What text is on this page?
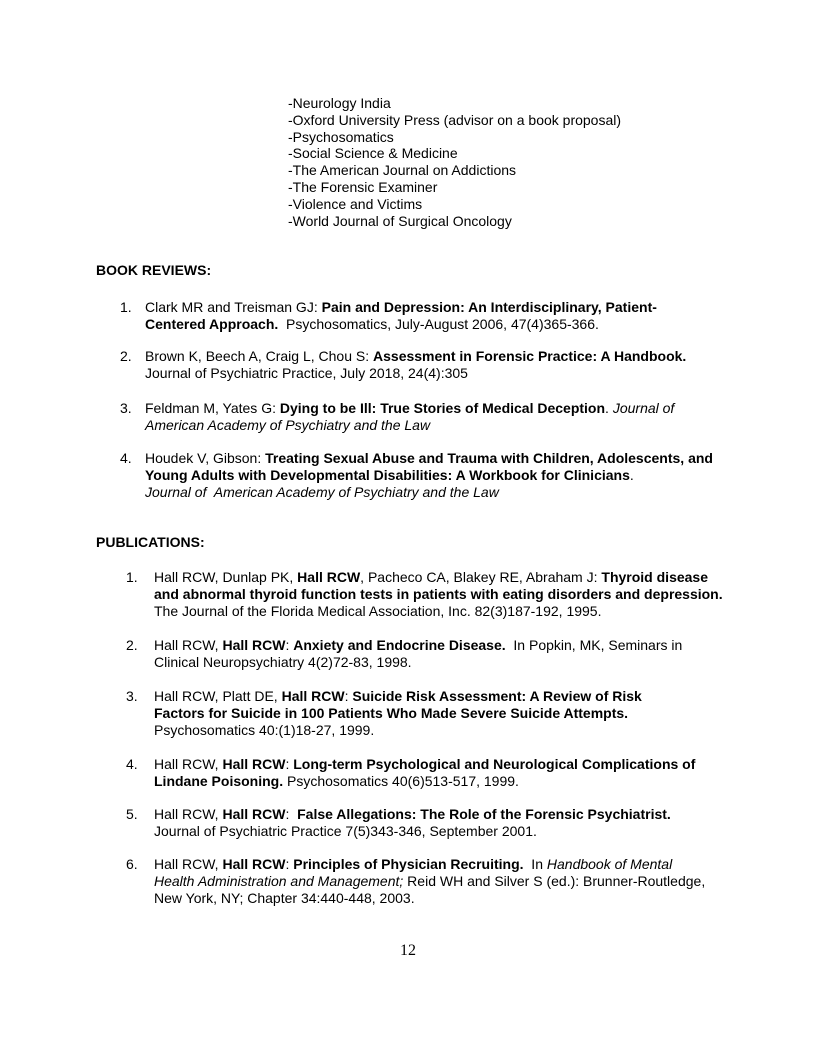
-Neurology India
-Oxford University Press (advisor on a book proposal)
-Psychosomatics
-Social Science & Medicine
-The American Journal on Addictions
-The Forensic Examiner
-Violence and Victims
-World Journal of Surgical Oncology
BOOK REVIEWS:
1. Clark MR and Treisman GJ: Pain and Depression: An Interdisciplinary, Patient-Centered Approach.  Psychosomatics, July-August 2006, 47(4)365-366.
2. Brown K, Beech A, Craig L, Chou S: Assessment in Forensic Practice: A Handbook.
Journal of Psychiatric Practice, July 2018, 24(4):305
3. Feldman M, Yates G: Dying to be Ill: True Stories of Medical Deception. Journal of American Academy of Psychiatry and the Law
4. Houdek V, Gibson: Treating Sexual Abuse and Trauma with Children, Adolescents, and Young Adults with Developmental Disabilities: A Workbook for Clinicians.
Journal of  American Academy of Psychiatry and the Law
PUBLICATIONS:
1. Hall RCW, Dunlap PK, Hall RCW, Pacheco CA, Blakey RE, Abraham J: Thyroid disease and abnormal thyroid function tests in patients with eating disorders and depression. The Journal of the Florida Medical Association, Inc. 82(3)187-192, 1995.
2. Hall RCW, Hall RCW: Anxiety and Endocrine Disease.  In Popkin, MK, Seminars in Clinical Neuropsychiatry 4(2)72-83, 1998.
3. Hall RCW, Platt DE, Hall RCW: Suicide Risk Assessment: A Review of Risk Factors for Suicide in 100 Patients Who Made Severe Suicide Attempts. Psychosomatics 40:(1)18-27, 1999.
4. Hall RCW, Hall RCW: Long-term Psychological and Neurological Complications of Lindane Poisoning. Psychosomatics 40(6)513-517, 1999.
5. Hall RCW, Hall RCW:  False Allegations: The Role of the Forensic Psychiatrist.
Journal of Psychiatric Practice 7(5)343-346, September 2001.
6. Hall RCW, Hall RCW: Principles of Physician Recruiting.  In Handbook of Mental Health Administration and Management; Reid WH and Silver S (ed.): Brunner-Routledge, New York, NY; Chapter 34:440-448, 2003.
12
